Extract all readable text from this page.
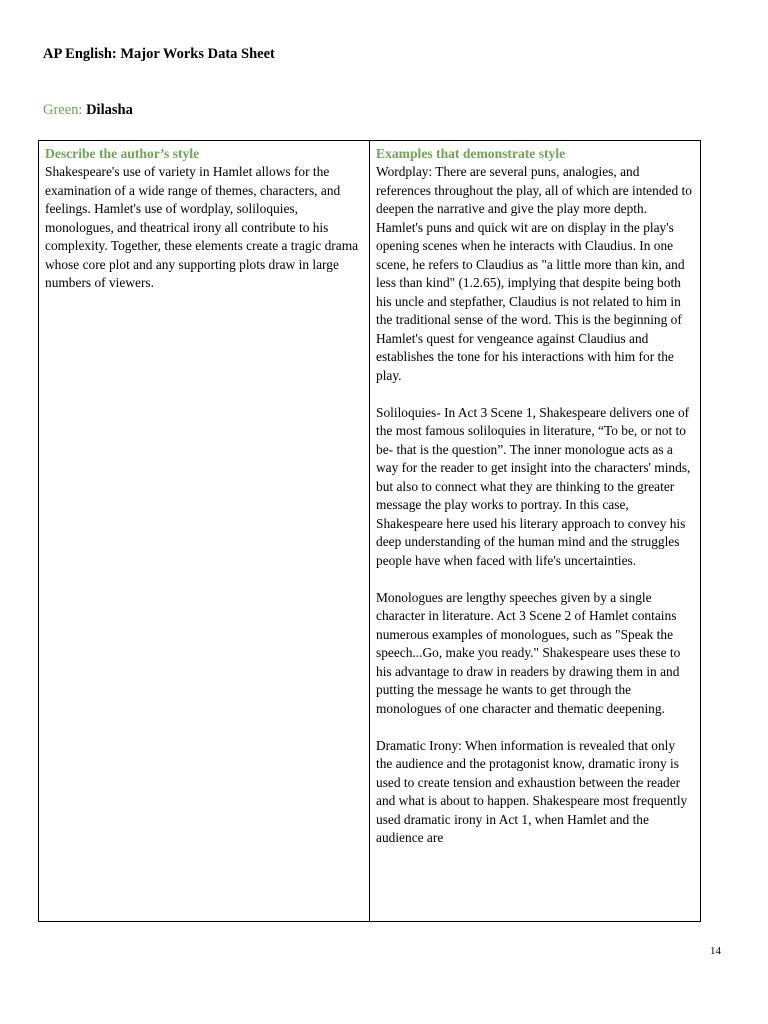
AP English: Major Works Data Sheet
Green: Dilasha
Describe the author’s style
Shakespeare's use of variety in Hamlet allows for the examination of a wide range of themes, characters, and feelings. Hamlet's use of wordplay, soliloquies, monologues, and theatrical irony all contribute to his complexity. Together, these elements create a tragic drama whose core plot and any supporting plots draw in large numbers of viewers.
Examples that demonstrate style
Wordplay: There are several puns, analogies, and references throughout the play, all of which are intended to deepen the narrative and give the play more depth. Hamlet's puns and quick wit are on display in the play's opening scenes when he interacts with Claudius. In one scene, he refers to Claudius as "a little more than kin, and less than kind" (1.2.65), implying that despite being both his uncle and stepfather, Claudius is not related to him in the traditional sense of the word. This is the beginning of Hamlet's quest for vengeance against Claudius and establishes the tone for his interactions with him for the play.
Soliloquies- In Act 3 Scene 1, Shakespeare delivers one of the most famous soliloquies in literature, “To be, or not to be- that is the question”. The inner monologue acts as a way for the reader to get insight into the characters' minds, but also to connect what they are thinking to the greater message the play works to portray. In this case, Shakespeare here used his literary approach to convey his deep understanding of the human mind and the struggles people have when faced with life's uncertainties.
Monologues are lengthy speeches given by a single character in literature. Act 3 Scene 2 of Hamlet contains numerous examples of monologues, such as "Speak the speech...Go, make you ready." Shakespeare uses these to his advantage to draw in readers by drawing them in and putting the message he wants to get through the monologues of one character and thematic deepening.
Dramatic Irony: When information is revealed that only the audience and the protagonist know, dramatic irony is used to create tension and exhaustion between the reader and what is about to happen. Shakespeare most frequently used dramatic irony in Act 1, when Hamlet and the audience are
14
